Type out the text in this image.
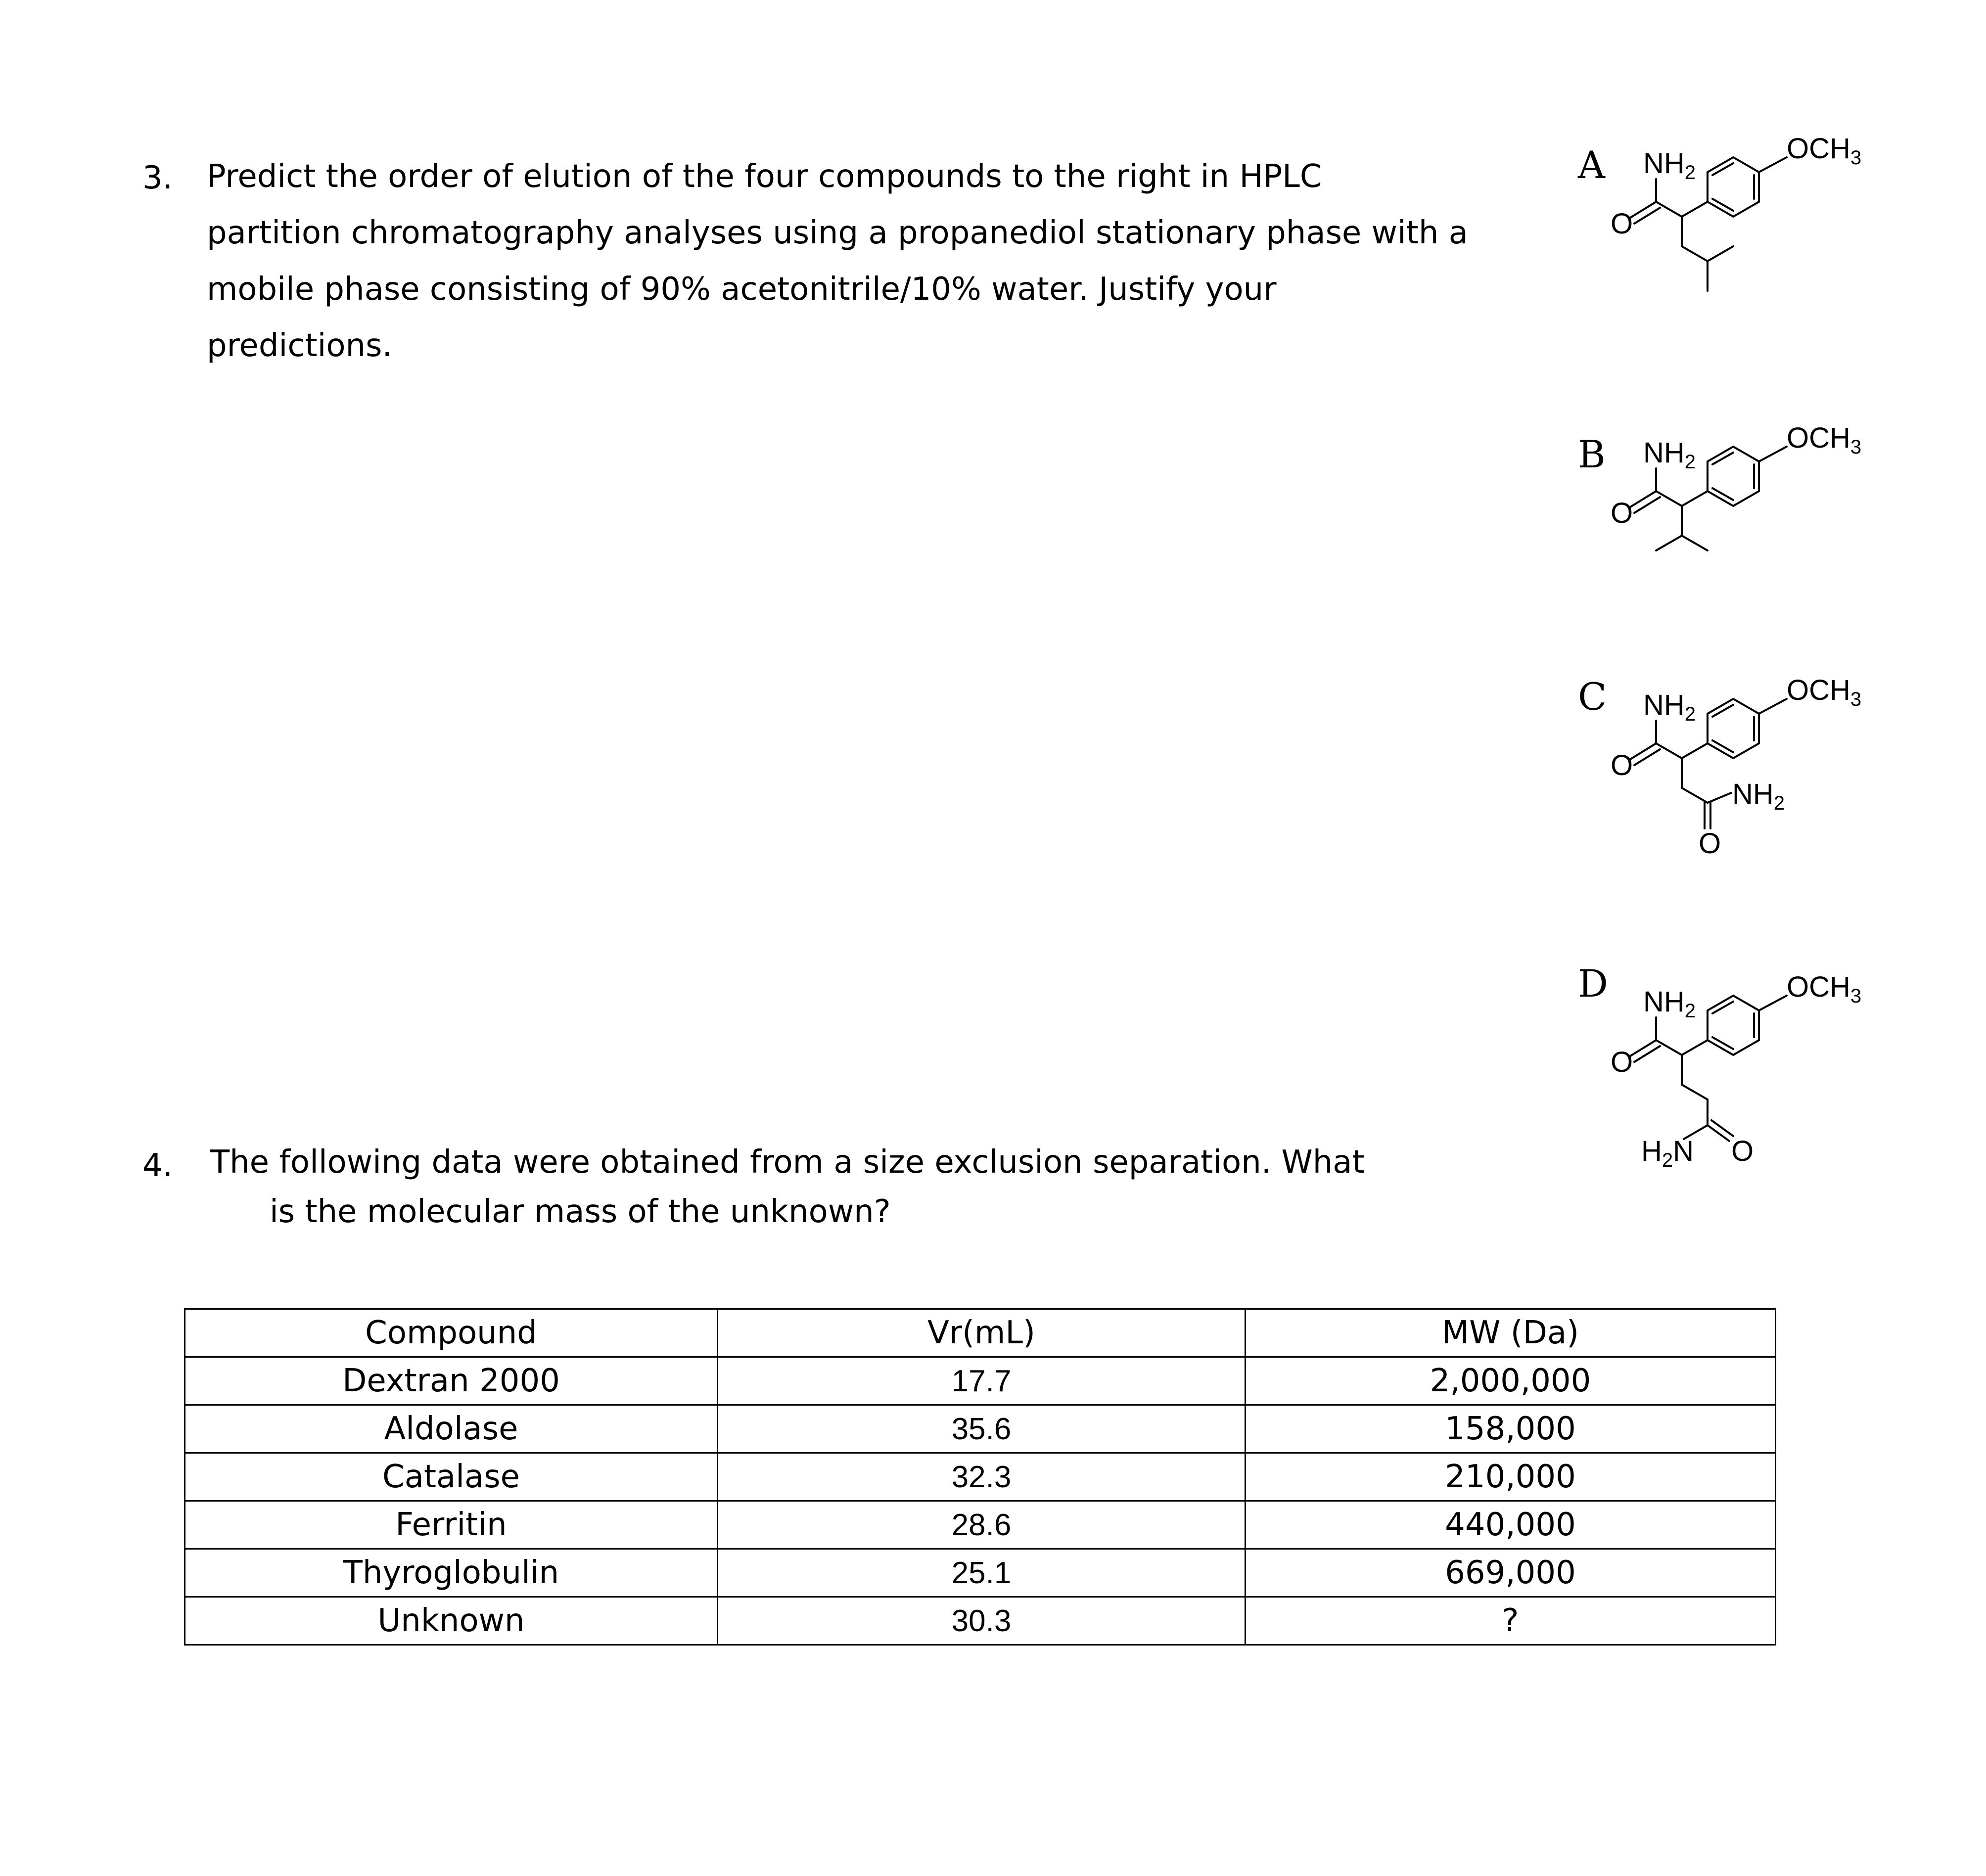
3. Predict the order of elution of the four compounds to the right in HPLC
partition chromatography analyses using a propanediol stationary phase with a
mobile phase consisting of 90% acetonitrile/10% water. Justify your
predictions.
A $NH_2$
O
$OCH_3$
B $NH_2$
O
$OCH_3$
C $NH_2$
O
$OCH_3$
$NH_2$
O
D $NH_2$
O
$OCH_3$
$H_2N$ O
4. The following data were obtained from a size exclusion separation. What
is the molecular mass of the unknown?
Compound	Vr(mL)	MW (Da)
Dextran 2000	17.7	2,000,000
Aldolase	35.6	158,000
Catalase	32.3	210,000
Ferritin	28.6	440,000
Thyroglobulin	25.1	669,000
Unknown	30.3	?
